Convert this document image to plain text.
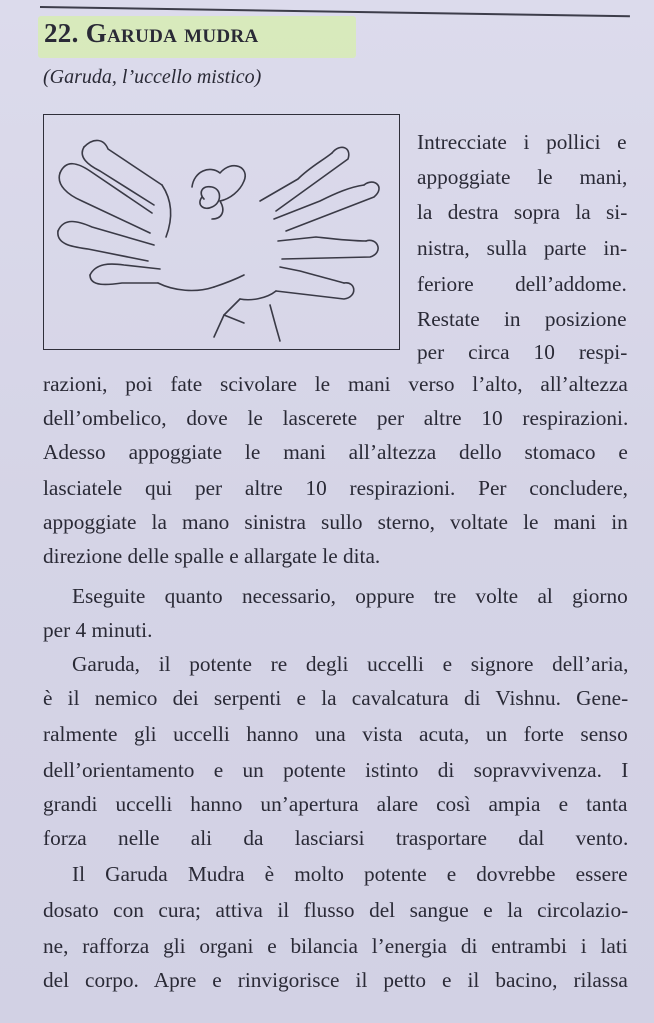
22. Garuda mudra
(Garuda, l’uccello mistico)
Intrecciate i pollici e
appoggiate le mani,
la destra sopra la si-
nistra, sulla parte in-
feriore dell’addome.
Restate in posizione
per circa 10 respi-
razioni, poi fate scivolare le mani verso l’alto, all’altezza
dell’ombelico, dove le lascerete per altre 10 respirazioni.
Adesso appoggiate le mani all’altezza dello stomaco e
lasciatele qui per altre 10 respirazioni. Per concludere,
appoggiate la mano sinistra sullo sterno, voltate le mani in
direzione delle spalle e allargate le dita.
Eseguite quanto necessario, oppure tre volte al giorno
per 4 minuti.
Garuda, il potente re degli uccelli e signore dell’aria,
è il nemico dei serpenti e la cavalcatura di Vishnu. Gene-
ralmente gli uccelli hanno una vista acuta, un forte senso
dell’orientamento e un potente istinto di sopravvivenza. I
grandi uccelli hanno un’apertura alare così ampia e tanta
forza nelle ali da lasciarsi trasportare dal vento.
Il Garuda Mudra è molto potente e dovrebbe essere
dosato con cura; attiva il flusso del sangue e la circolazio-
ne, rafforza gli organi e bilancia l’energia di entrambi i lati
del corpo. Apre e rinvigorisce il petto e il bacino, rilassa
